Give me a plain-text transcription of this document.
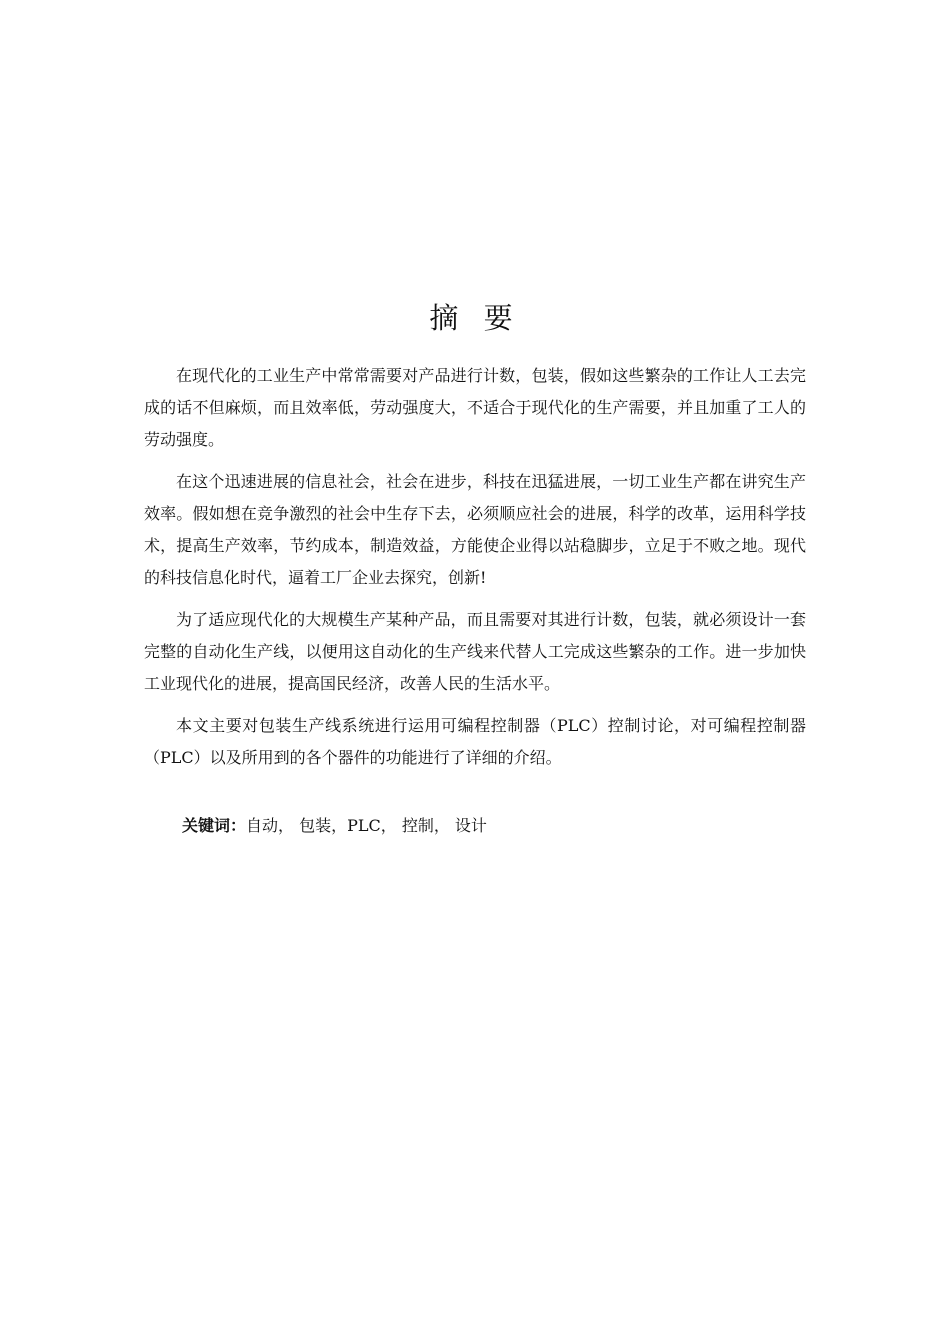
摘 要

在现代化的工业生产中常常需要对产品进行计数，包装，假如这些繁杂的工作让人工去完成的话不但麻烦，而且效率低，劳动强度大，不适合于现代化的生产需要，并且加重了工人的劳动强度。

在这个迅速进展的信息社会，社会在进步，科技在迅猛进展，一切工业生产都在讲究生产效率。假如想在竞争激烈的社会中生存下去，必须顺应社会的进展，科学的改革，运用科学技术，提高生产效率，节约成本，制造效益，方能使企业得以站稳脚步，立足于不败之地。现代的科技信息化时代，逼着工厂企业去探究，创新!

为了适应现代化的大规模生产某种产品，而且需要对其进行计数，包装，就必须设计一套完整的自动化生产线，以便用这自动化的生产线来代替人工完成这些繁杂的工作。进一步加快工业现代化的进展，提高国民经济，改善人民的生活水平。

本文主要对包装生产线系统进行运用可编程控制器（PLC）控制讨论，对可编程控制器（PLC）以及所用到的各个器件的功能进行了详细的介绍。

关键词：自动， 包装，PLC， 控制， 设计
